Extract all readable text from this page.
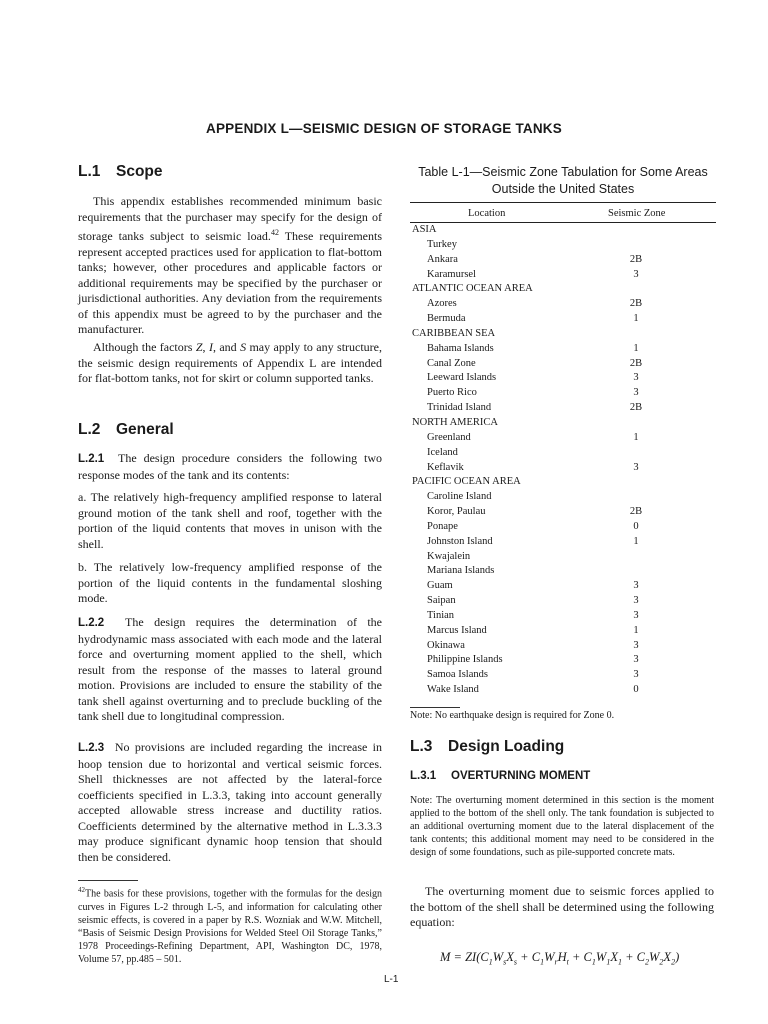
APPENDIX L—SEISMIC DESIGN OF STORAGE TANKS
L.1 Scope

This appendix establishes recommended minimum basic requirements that the purchaser may specify for the design of storage tanks subject to seismic load.$^{42}$ These requirements represent accepted practices used for application to flat-bottom tanks; however, other procedures and applicable factors or additional requirements may be specified by the purchaser or jurisdictional authorities. Any deviation from the requirements of this appendix must be agreed to by the purchaser and the manufacturer.

Although the factors Z, I, and S may apply to any structure, the seismic design requirements of Appendix L are intended for flat-bottom tanks, not for skirt or column supported tanks.

L.2 General

L.2.1 The design procedure considers the following two response modes of the tank and its contents:

a. The relatively high-frequency amplified response to lateral ground motion of the tank shell and roof, together with the portion of the liquid contents that moves in unison with the shell.

b. The relatively low-frequency amplified response of the portion of the liquid contents in the fundamental sloshing mode.

L.2.2 The design requires the determination of the hydrodynamic mass associated with each mode and the lateral force and overturning moment applied to the shell, which result from the response of the masses to lateral ground motion. Provisions are included to ensure the stability of the tank shell against overturning and to preclude buckling of the tank shell due to longitudinal compression.

L.2.3 No provisions are included regarding the increase in hoop tension due to horizontal and vertical seismic forces. Shell thicknesses are not affected by the lateral-force coefficients specified in L.3.3, taking into account generally accepted allowable stress increase and ductility ratios. Coefficients determined by the alternative method in L.3.3.3 may produce significant dynamic hoop tension that should then be considered.

$^{42}$The basis for these provisions, together with the formulas for the design curves in Figures L-2 through L-5, and information for calculating other seismic effects, is covered in a paper by R.S. Wozniak and W.W. Mitchell, “Basis of Seismic Design Provisions for Welded Steel Oil Storage Tanks,” 1978 Proceedings-Refining Department, API, Washington DC, 1978, Volume 57, pp.485 – 501.

Table L-1—Seismic Zone Tabulation for Some Areas
Outside the United States
Location	Seismic Zone
ASIA
Turkey
Ankara	2B
Karamursel	3
ATLANTIC OCEAN AREA
Azores	2B
Bermuda	1
CARIBBEAN SEA
Bahama Islands	1
Canal Zone	2B
Leeward Islands	3
Puerto Rico	3
Trinidad Island	2B
NORTH AMERICA
Greenland	1
Iceland
Keflavik	3
PACIFIC OCEAN AREA
Caroline Island
Koror, Paulau	2B
Ponape	0
Johnston Island	1
Kwajalein
Mariana Islands
Guam	3
Saipan	3
Tinian	3
Marcus Island	1
Okinawa	3
Philippine Islands	3
Samoa Islands	3
Wake Island	0
Note: No earthquake design is required for Zone 0.
L.3 Design Loading
L.3.1 OVERTURNING MOMENT

Note: The overturning moment determined in this section is the moment applied to the bottom of the shell only. The tank foundation is subjected to an additional overturning moment due to the lateral displacement of the tank contents; this additional moment may need to be considered in the design of some foundations, such as pile-supported concrete mats.

The overturning moment due to seismic forces applied to the bottom of the shell shall be determined using the following equation:

$M = ZI(C_1W_sX_s + C_1W_rH_t + C_1W_1X_1 + C_2W_2X_2)$
L-1
